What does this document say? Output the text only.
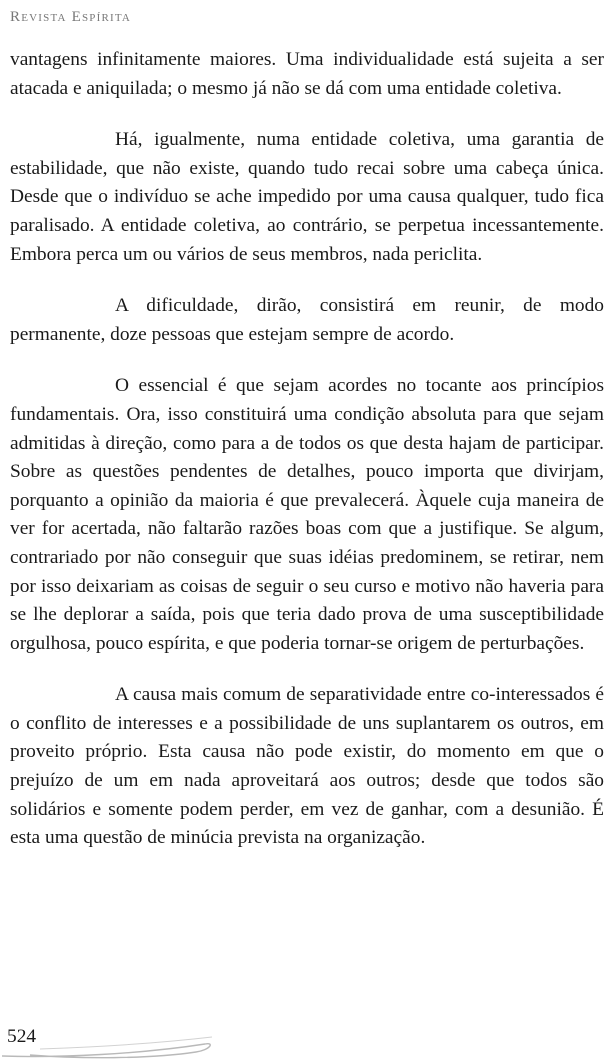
Revista Espírita

vantagens infinitamente maiores. Uma individualidade está sujeita a ser atacada e aniquilada; o mesmo já não se dá com uma entidade coletiva.

Há, igualmente, numa entidade coletiva, uma garantia de estabilidade, que não existe, quando tudo recai sobre uma cabeça única. Desde que o indivíduo se ache impedido por uma causa qualquer, tudo fica paralisado. A entidade coletiva, ao contrário, se perpetua incessantemente. Embora perca um ou vários de seus membros, nada periclita.

A dificuldade, dirão, consistirá em reunir, de modo permanente, doze pessoas que estejam sempre de acordo.

O essencial é que sejam acordes no tocante aos princípios fundamentais. Ora, isso constituirá uma condição absoluta para que sejam admitidas à direção, como para a de todos os que desta hajam de participar. Sobre as questões pendentes de detalhes, pouco importa que divirjam, porquanto a opinião da maioria é que prevalecerá. Àquele cuja maneira de ver for acertada, não faltarão razões boas com que a justifique. Se algum, contrariado por não conseguir que suas idéias predominem, se retirar, nem por isso deixariam as coisas de seguir o seu curso e motivo não haveria para se lhe deplorar a saída, pois que teria dado prova de uma susceptibilidade orgulhosa, pouco espírita, e que poderia tornar-se origem de perturbações.

A causa mais comum de separatividade entre co-interessados é o conflito de interesses e a possibilidade de uns suplantarem os outros, em proveito próprio. Esta causa não pode existir, do momento em que o prejuízo de um em nada aproveitará aos outros; desde que todos são solidários e somente podem perder, em vez de ganhar, com a desunião. É esta uma questão de minúcia prevista na organização.

524
